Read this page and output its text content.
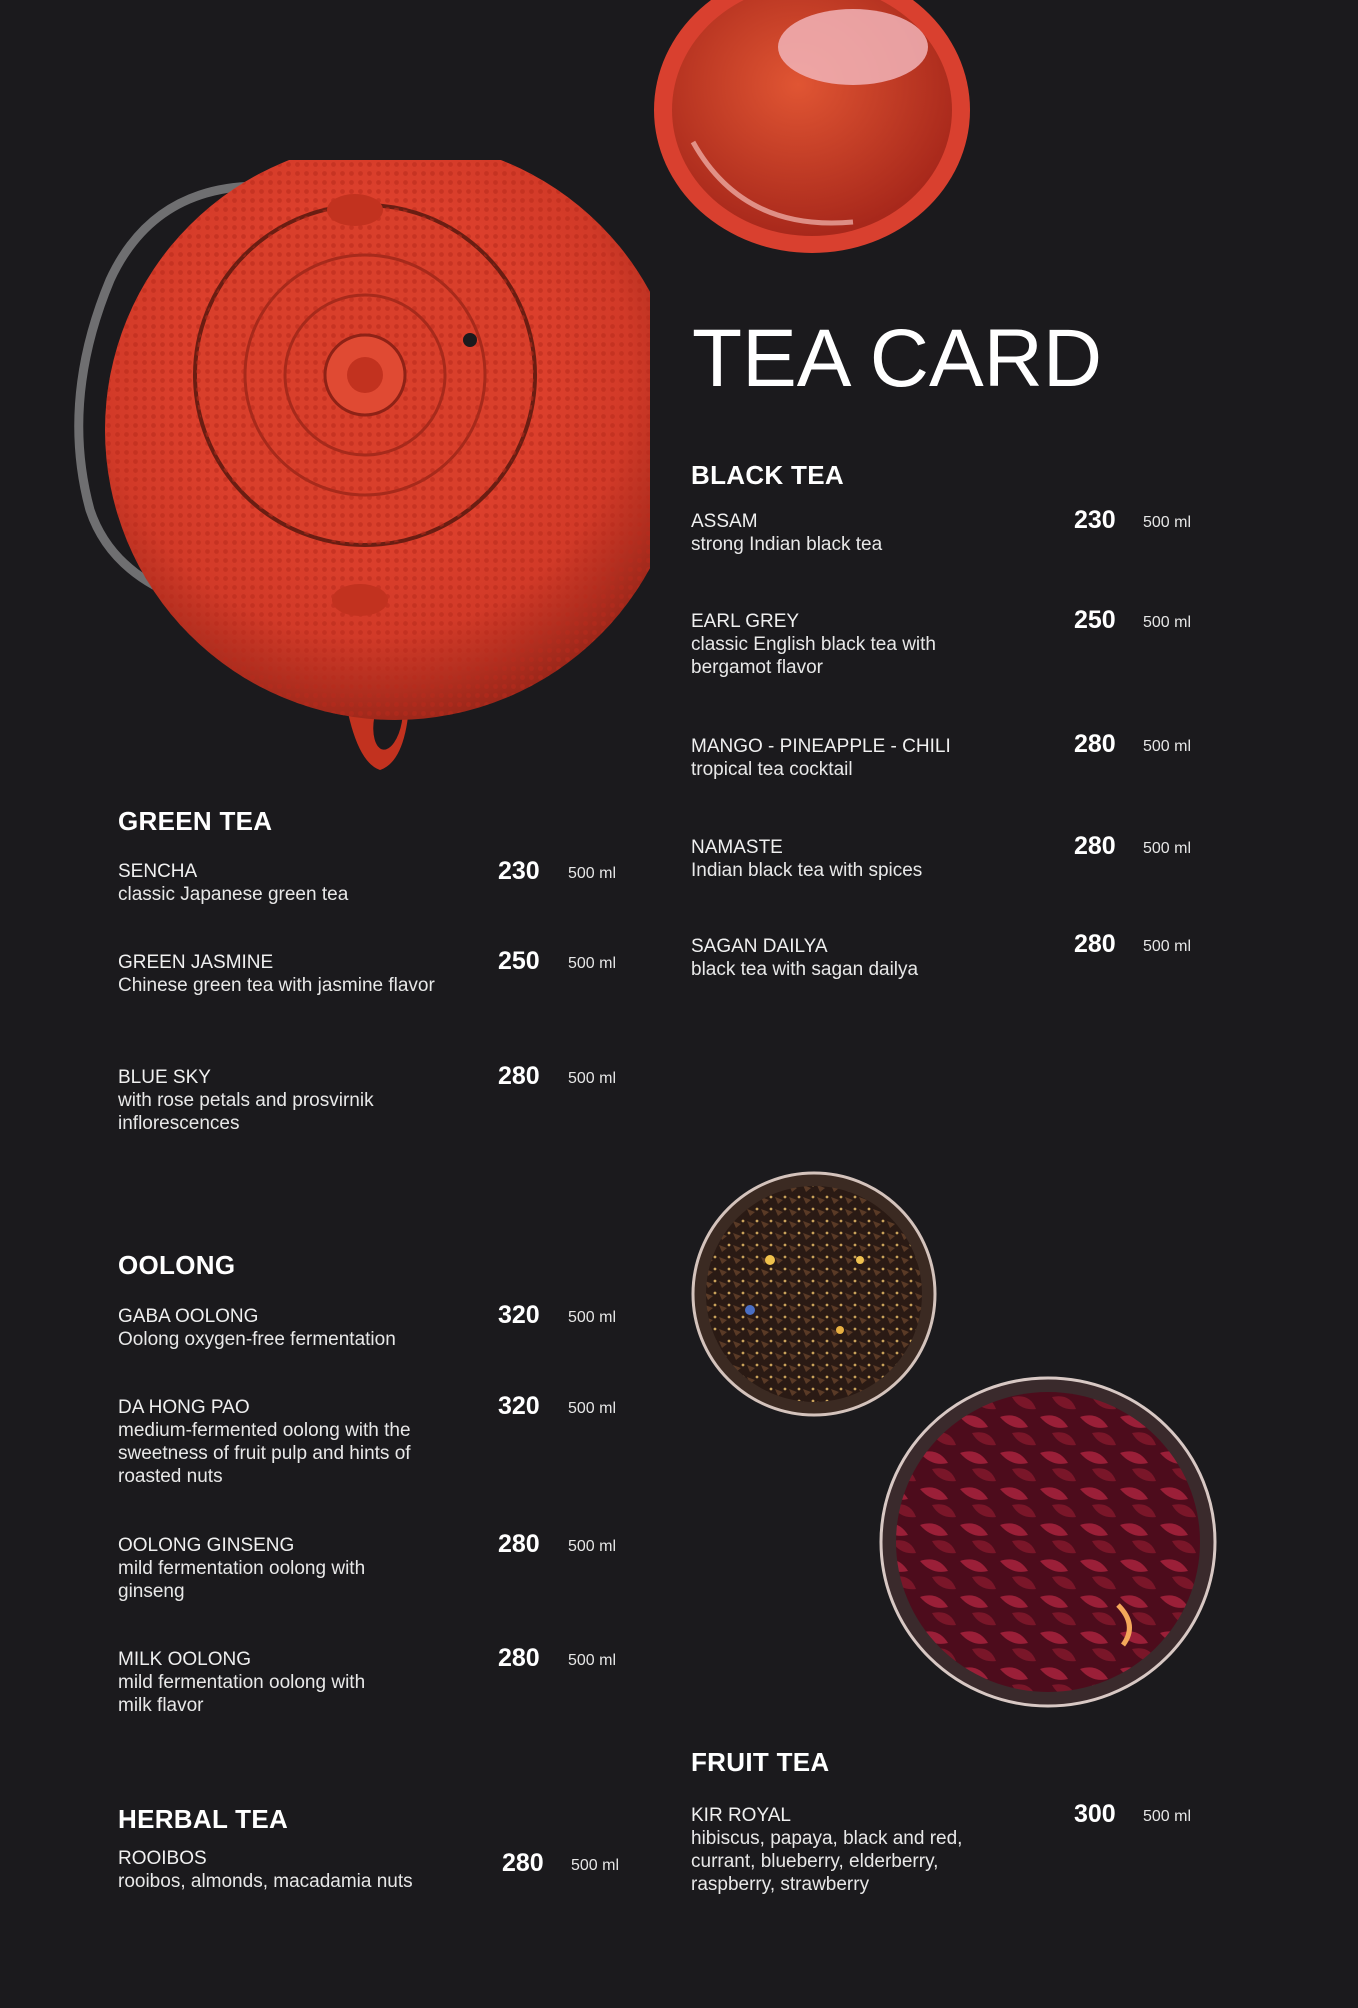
TEA CARD
GREEN TEA
SENCHA
classic Japanese green tea
230 500 ml
GREEN JASMINE
Chinese green tea with jasmine flavor
250 500 ml
BLUE SKY
with rose petals and prosvirnik inflorescences
280 500 ml
OOLONG
GABA OOLONG
Oolong oxygen-free fermentation
320 500 ml
DA HONG PAO
medium-fermented oolong with the sweetness of fruit pulp and hints of roasted nuts
320 500 ml
OOLONG GINSENG
mild fermentation oolong with ginseng
280 500 ml
MILK OOLONG
mild fermentation oolong with milk flavor
280 500 ml
HERBAL TEA
ROOIBOS
rooibos, almonds, macadamia nuts
280 500 ml
BLACK TEA
ASSAM
strong Indian black tea
230 500 ml
EARL GREY
classic English black tea with bergamot flavor
250 500 ml
MANGO - PINEAPPLE - CHILI
tropical tea cocktail
280 500 ml
NAMASTE
Indian black tea with spices
280 500 ml
SAGAN DAILYA
black tea with sagan dailya
280 500 ml
FRUIT TEA
KIR ROYAL
hibiscus, papaya, black and red, currant, blueberry, elderberry, raspberry, strawberry
300 500 ml
